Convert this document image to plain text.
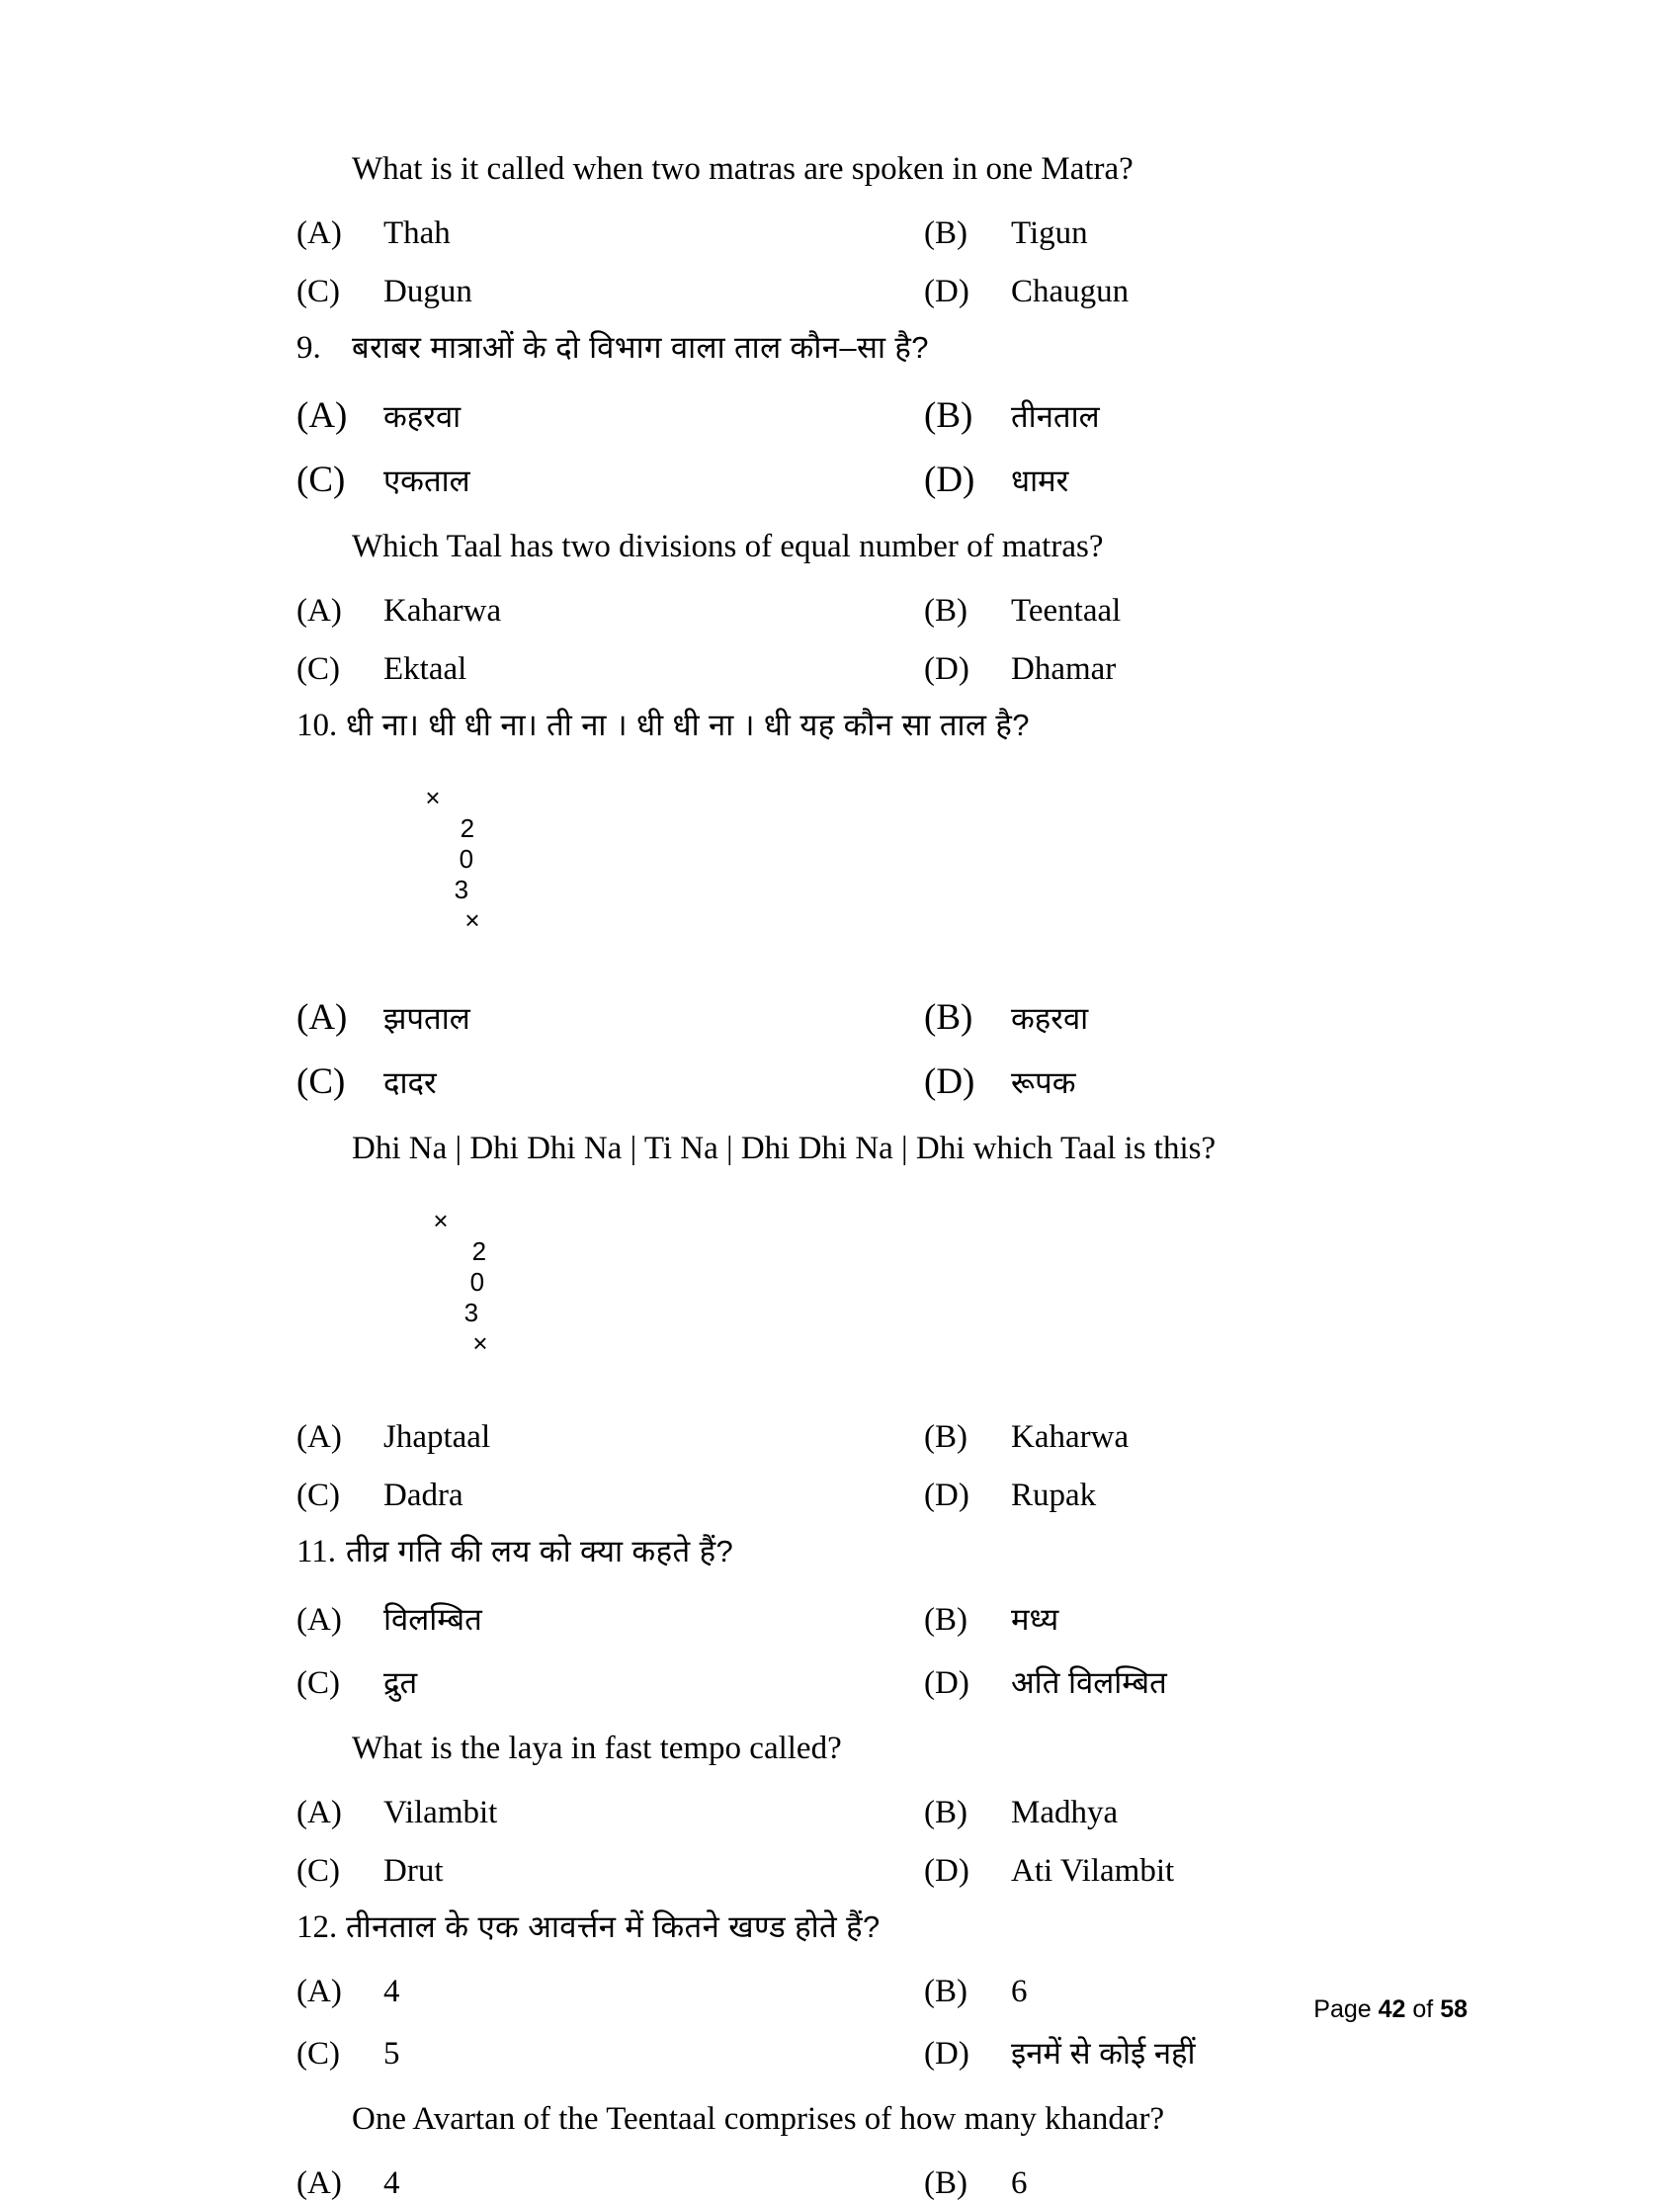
What is it called when two matras are spoken in one Matra?
(A)	Thah	(B)	Tigun
(C)	Dugun	(D)	Chaugun
9.	बराबर मात्राओं के दो विभाग वाला ताल कौन–सा है?
(A)	कहरवा	(B)	तीनताल
(C)	एकताल	(D)	धामर
Which Taal has two divisions of equal number of matras?
(A)	Kaharwa	(B)	Teentaal
(C)	Ektaal	(D)	Dhamar
10. धी ना। धी धी ना। ती ना । धी धी ना । धी यह कौन सा ताल है?

×
2
0
3
×

(A)	झपताल	(B)	कहरवा
(C)	दादर	(D)	रूपक
Dhi Na | Dhi Dhi Na | Ti Na | Dhi Dhi Na | Dhi which Taal is this?

×
2
0
3
×

(A)	Jhaptaal	(B)	Kaharwa
(C)	Dadra	(D)	Rupak
11. तीव्र गति की लय को क्या कहते हैं?
(A)	विलम्बित	(B)	मध्य
(C)	द्रुत	(D)	अति विलम्बित
What is the laya in fast tempo called?
(A)	Vilambit	(B)	Madhya
(C)	Drut	(D)	Ati Vilambit
12. तीनताल के एक आवर्त्तन में कितने खण्ड होते हैं?
(A)	4	(B)	6
(C)	5	(D)	इनमें से कोई नहीं
One Avartan of the Teentaal comprises of how many khandar?
(A)	4	(B)	6
Page 42 of 58
